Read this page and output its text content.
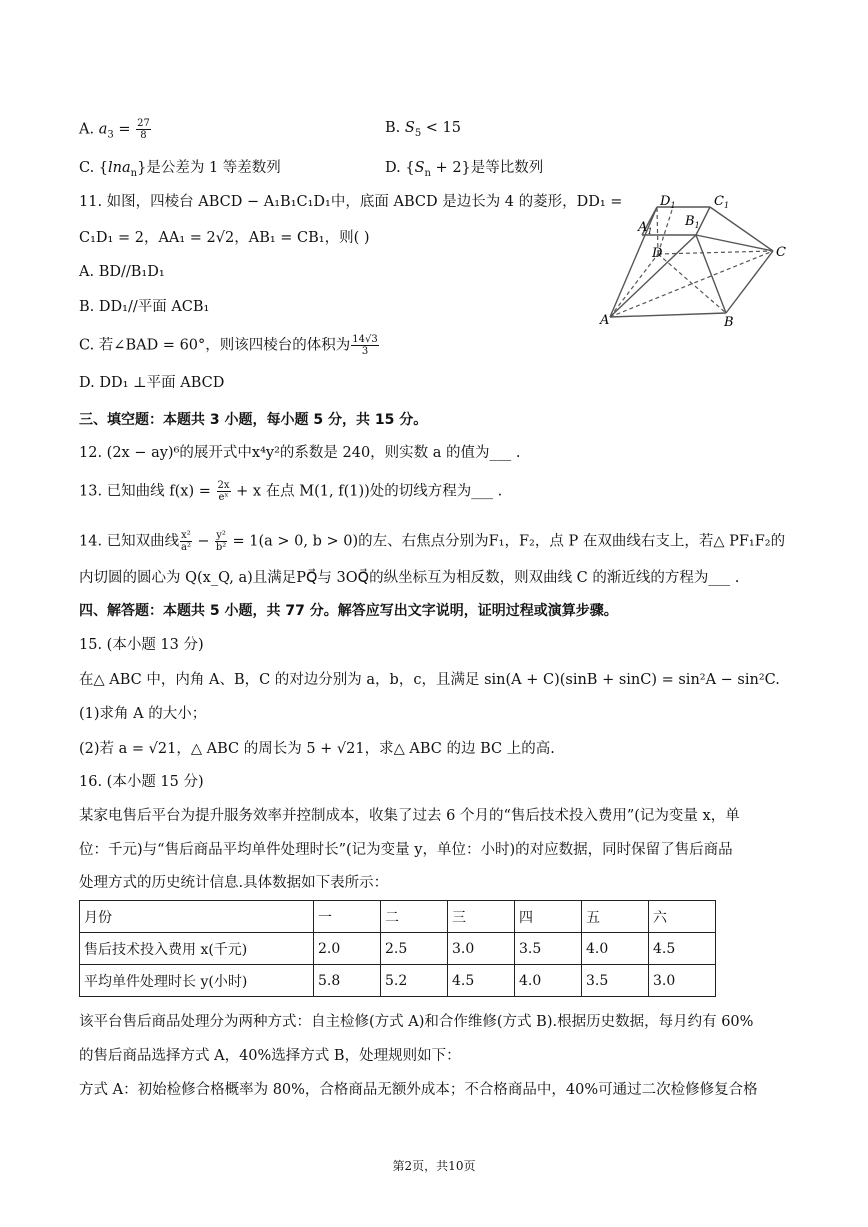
A. $a_3 = \frac{27}{8}$	B. $S_5 < 15$
C. {lna$_n$}是公差为 1 等差数列	D. $\{S_n + 2\}$是等比数列
11. 如图，四棱台 ABCD − A₁B₁C₁D₁中，底面 ABCD 是边长为 4 的菱形，DD₁ =
C₁D₁ = 2，AA₁ = 2√2，AB₁ = CB₁，则( )
A. BD//B₁D₁
B. DD₁//平面 ACB₁
C. 若∠BAD = 60°，则该四棱台的体积为 $\frac{14√3}{3}$
D. DD₁ ⊥平面 ABCD
$D_1$	$C_1$
$A_1$
$B_1$
D	C
A	B
三、填空题：本题共 3 小题，每小题 5 分，共 15 分。
12. (2x − ay)⁶的展开式中x⁴y²的系数是 240，则实数 a 的值为___ .
13. 已知曲线 $f(x) = \frac{2x}{\text{eˣ}} + x$ 在点 M(1, f(1))处的切线方程为___ .
14. 已知双曲线 $\frac{\text{x²}}{\text{a²}} - \frac{\text{y²}}{\text{b²}} = 1(a > 0$, b > 0)的左、右焦点分别为F₁，F₂，点 P 在双曲线右支上，若△ PF₁F₂的
内切圆的圆心为 Q(x_Q, a)且满足PQ⃗与 3OQ⃗的纵坐标互为相反数，则双曲线 C 的渐近线的方程为___ .
四、解答题：本题共 5 小题，共 77 分。解答应写出文字说明，证明过程或演算步骤。
15. (本小题 13 分)
在△ ABC 中，内角 A、B，C 的对边分别为 a，b，c，且满足 sin(A + C)(sinB + sinC) = sin²A − sin²C.
(1)求角 A 的大小；
(2)若 a = √21，△ ABC 的周长为 5 + √21，求△ ABC 的边 BC 上的高.
16. (本小题 15 分)
某家电售后平台为提升服务效率并控制成本，收集了过去 6 个月的“售后技术投入费用”(记为变量 x，单
位：千元)与“售后商品平均单件处理时长”(记为变量 y，单位：小时)的对应数据，同时保留了售后商品
处理方式的历史统计信息.具体数据如下表所示：
月份	一	二	三	四	五	六
售后技术投入费用 x(千元)	2.0	2.5	3.0	3.5	4.0	4.5
平均单件处理时长 y(小时)	5.8	5.2	4.5	4.0	3.5	3.0
该平台售后商品处理分为两种方式：自主检修(方式 A)和合作维修(方式 B).根据历史数据，每月约有 60%
的售后商品选择方式 A，40%选择方式 B，处理规则如下：
方式 A：初始检修合格概率为 80%，合格商品无额外成本；不合格商品中，40%可通过二次检修修复合格
第2页，共10页
